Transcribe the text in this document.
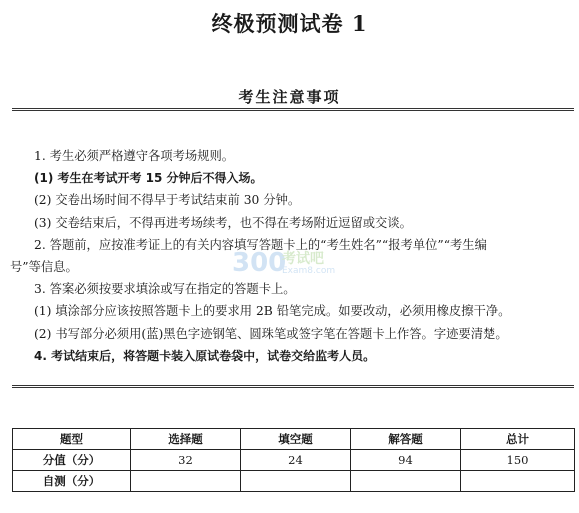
终极预测试卷 1
考生注意事项
1. 考生必须严格遵守各项考场规则。
(1) 考生在考试开考 15 分钟后不得入场。
(2) 交卷出场时间不得早于考试结束前 30 分钟。
(3) 交卷结束后，不得再进考场续考，也不得在考场附近逗留或交谈。
2. 答题前，应按准考证上的有关内容填写答题卡上的“考生姓名”“报考单位”“考生编
号”等信息。
3. 答案必须按要求填涂或写在指定的答题卡上。
(1) 填涂部分应该按照答题卡上的要求用 2B 铅笔完成。如要改动，必须用橡皮擦干净。
(2) 书写部分必须用(蓝)黑色字迹钢笔、圆珠笔或签字笔在答题卡上作答。字迹要清楚。
4. 考试结束后，将答题卡装入原试卷袋中，试卷交给监考人员。
300
考试吧
Exam8.com
题型	选择题	填空题	解答题	总计
分值（分）	32	24	94	150
自测（分）				
